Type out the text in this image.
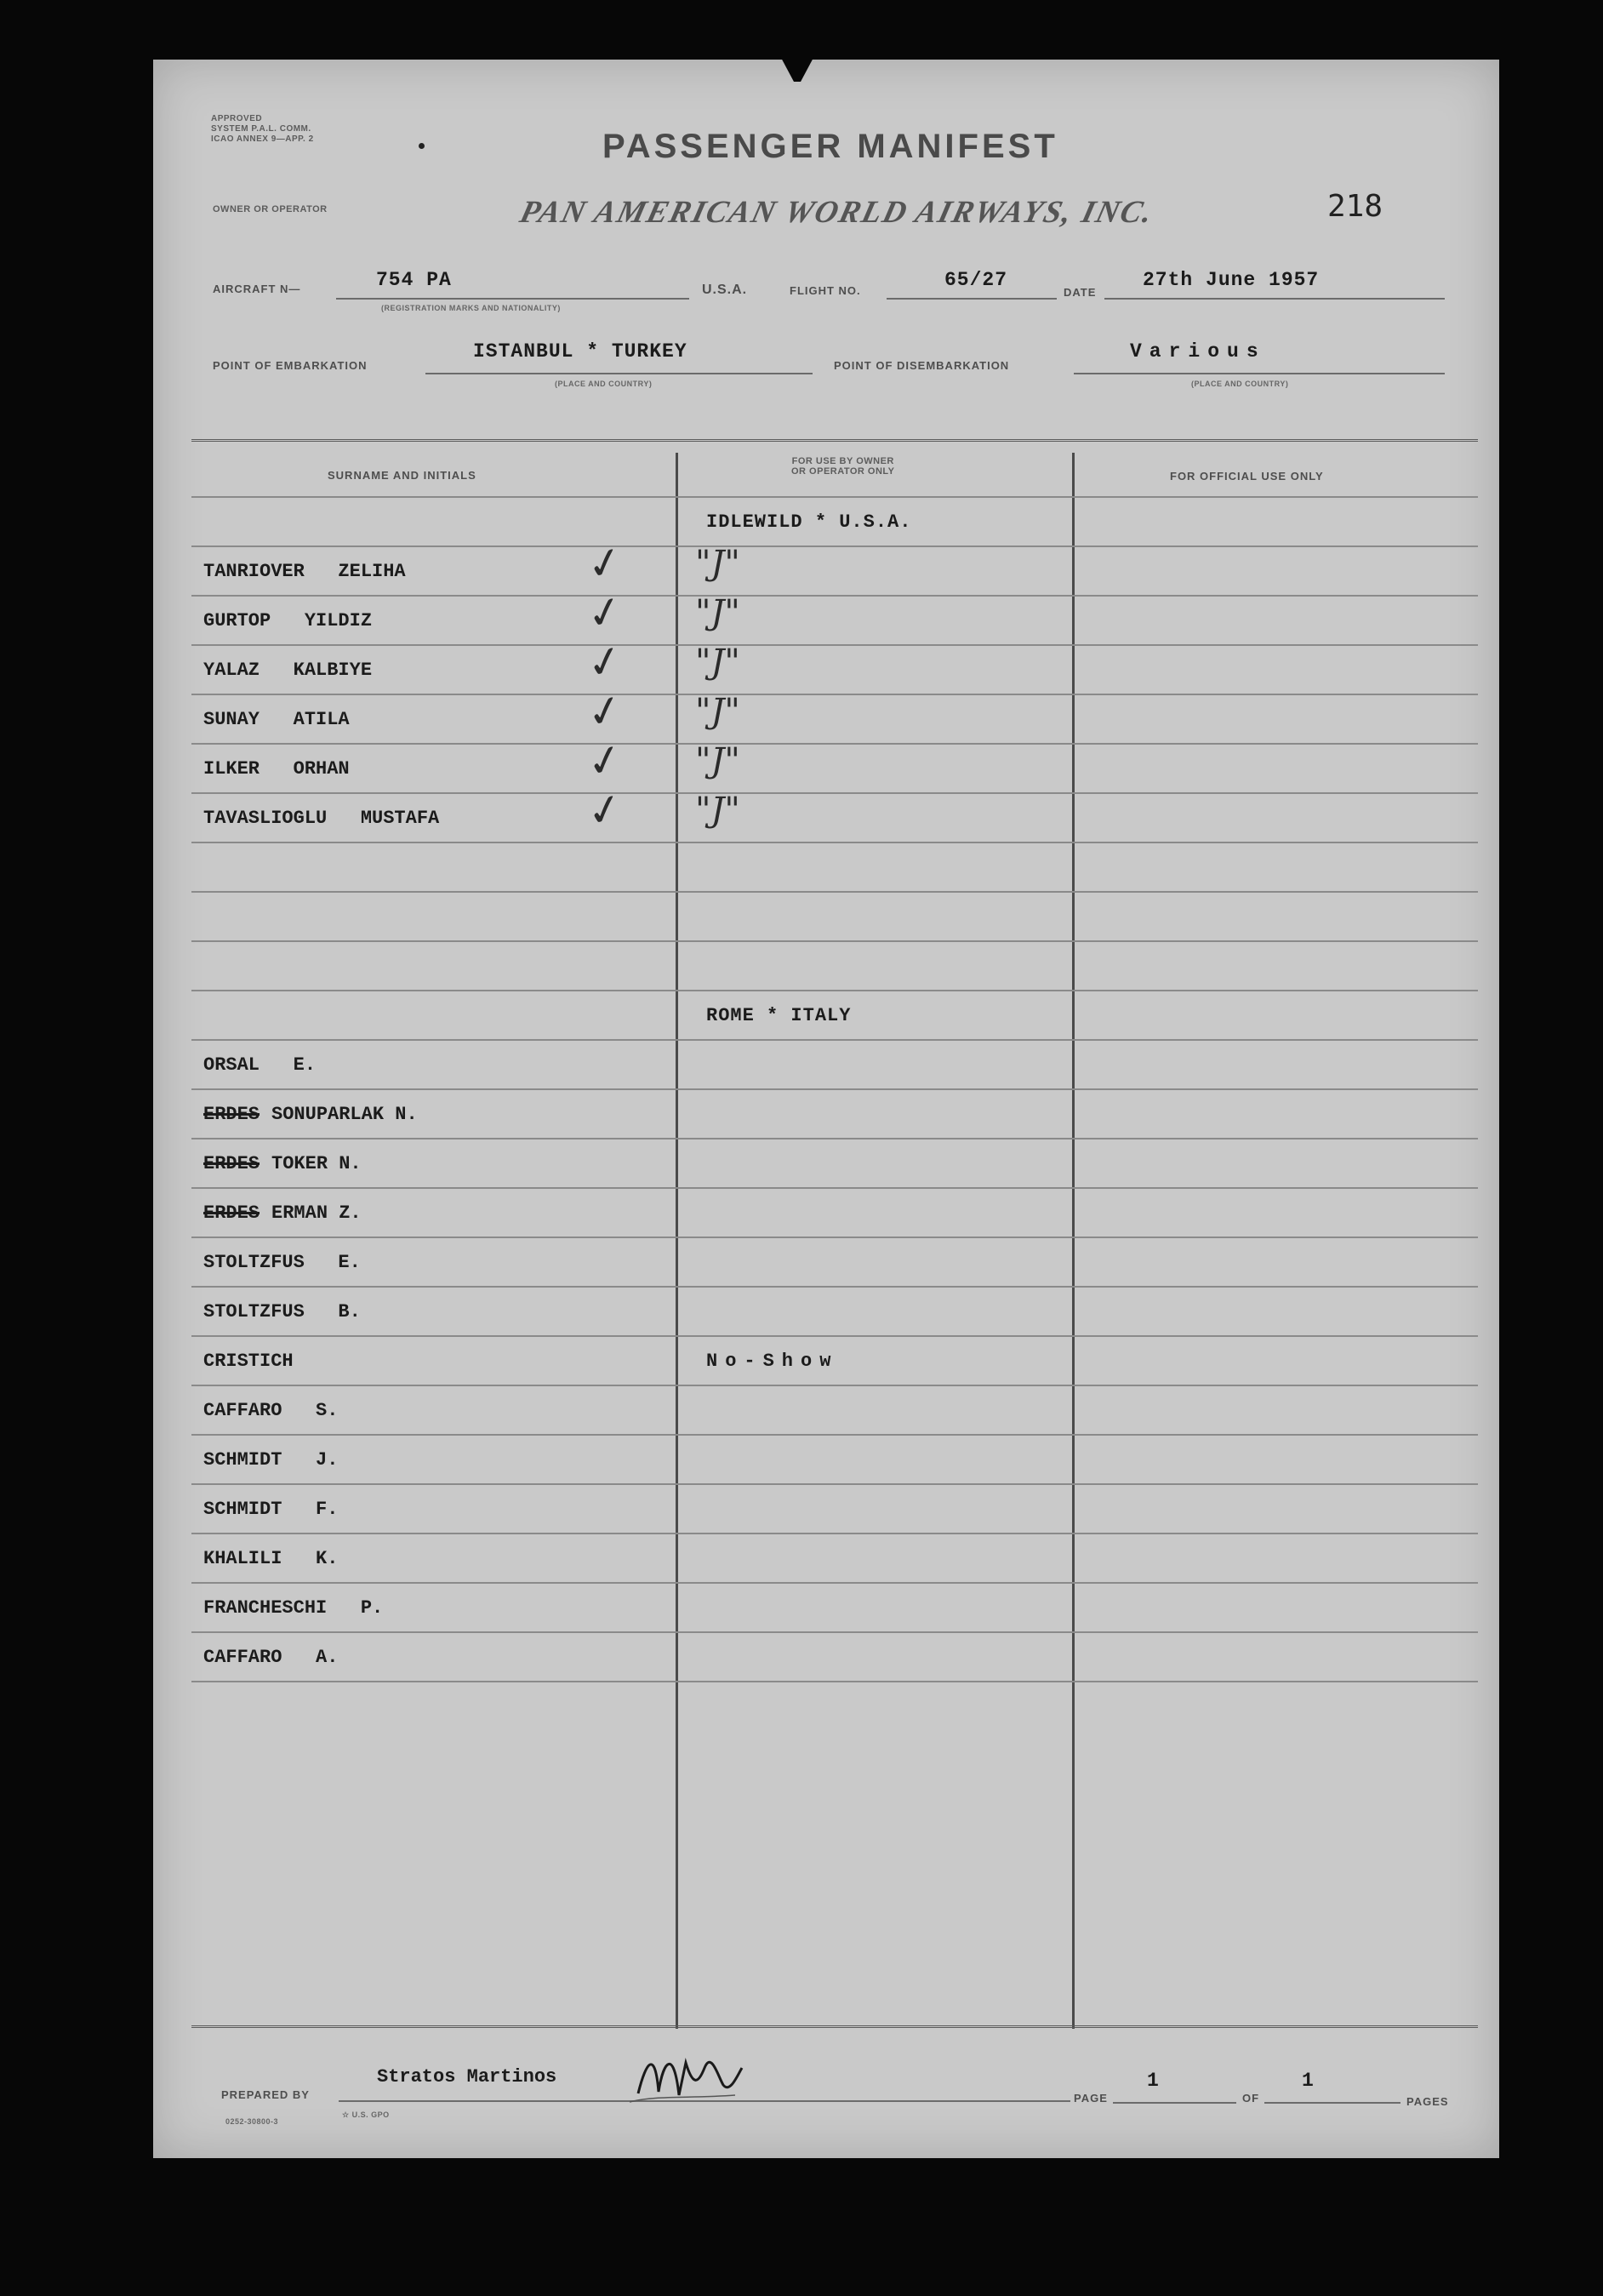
APPROVED
SYSTEM P.A.L. COMM.
ICAO ANNEX 9—APP. 2	PASSENGER MANIFEST
OWNER OR OPERATOR	PAN AMERICAN WORLD AIRWAYS, INC.	218
AIRCRAFT N—	754 PA
(REGISTRATION MARKS AND NATIONALITY)
U.S.A.	FLIGHT NO.	65/27
DATE
27th June 1957
POINT OF EMBARKATION
ISTANBUL * TURKEY
(PLACE AND COUNTRY)
POINT OF DISEMBARKATION
Various
(PLACE AND COUNTRY)
SURNAME AND INITIALS
FOR USE BY OWNER
OR OPERATOR ONLY	FOR OFFICIAL USE ONLY
IDLEWILD * U.S.A.
TANRIOVER   ZELIHA	✓ "J"
GURTOP   YILDIZ	✓ "J"
YALAZ   KALBIYE	✓ "J"
SUNAY   ATILA	✓ "J"
ILKER   ORHAN	✓ "J"
TAVASLIOGLU   MUSTAFA	✓ "J"
ROME * ITALY
ORSAL   E.
ERDES SONUPARLAK N.
ERDES TOKER N.
ERDES ERMAN Z.
STOLTZFUS   E.
STOLTZFUS   B.
CRISTICH	No-Show
CAFFARO   S.
SCHMIDT   J.
SCHMIDT   F.
KHALILI   K.
FRANCHESCHI   P.
CAFFARO   A.
PREPARED BY
Stratos Martinos
PAGE
1
OF
1
PAGES
0252-30800-3
☆ U.S. GPO
